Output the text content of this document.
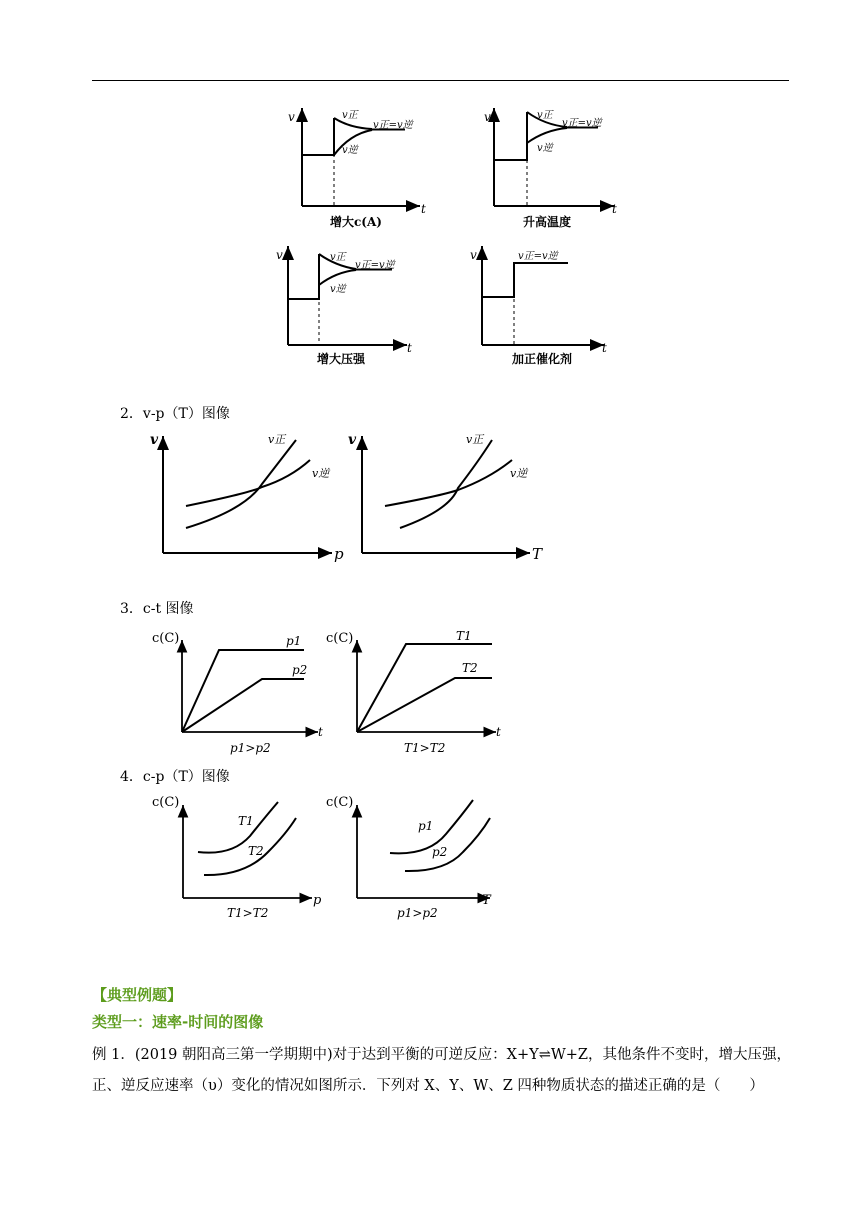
v
t
v正
v逆
v正=v逆
增大c(A)
v
t
v正
v逆
v正=v逆
升高温度
v
t
v正
v逆
v正=v逆
增大压强
v
t
v正=v逆
加正催化剂
v
p
v正
v逆
v
T
v正
v逆
c(C)
t
p1
p2
p1>p2
c(C)
t
T1
T2
T1>T2
c(C)
p
T1
T2
T1>T2
c(C)
T
p1
p2
p1>p2
2．v-p（T）图像
3．c-t 图像
4．c-p（T）图像
【典型例题】
类型一：速率-时间的图像
例 1．(2019 朝阳高三第一学期期中)对于达到平衡的可逆反应：X+Y⇌W+Z，其他条件不变时，增大压强，
正、逆反应速率（υ）变化的情况如图所示．下列对 X、Y、W、Z 四种物质状态的描述正确的是（　　）
